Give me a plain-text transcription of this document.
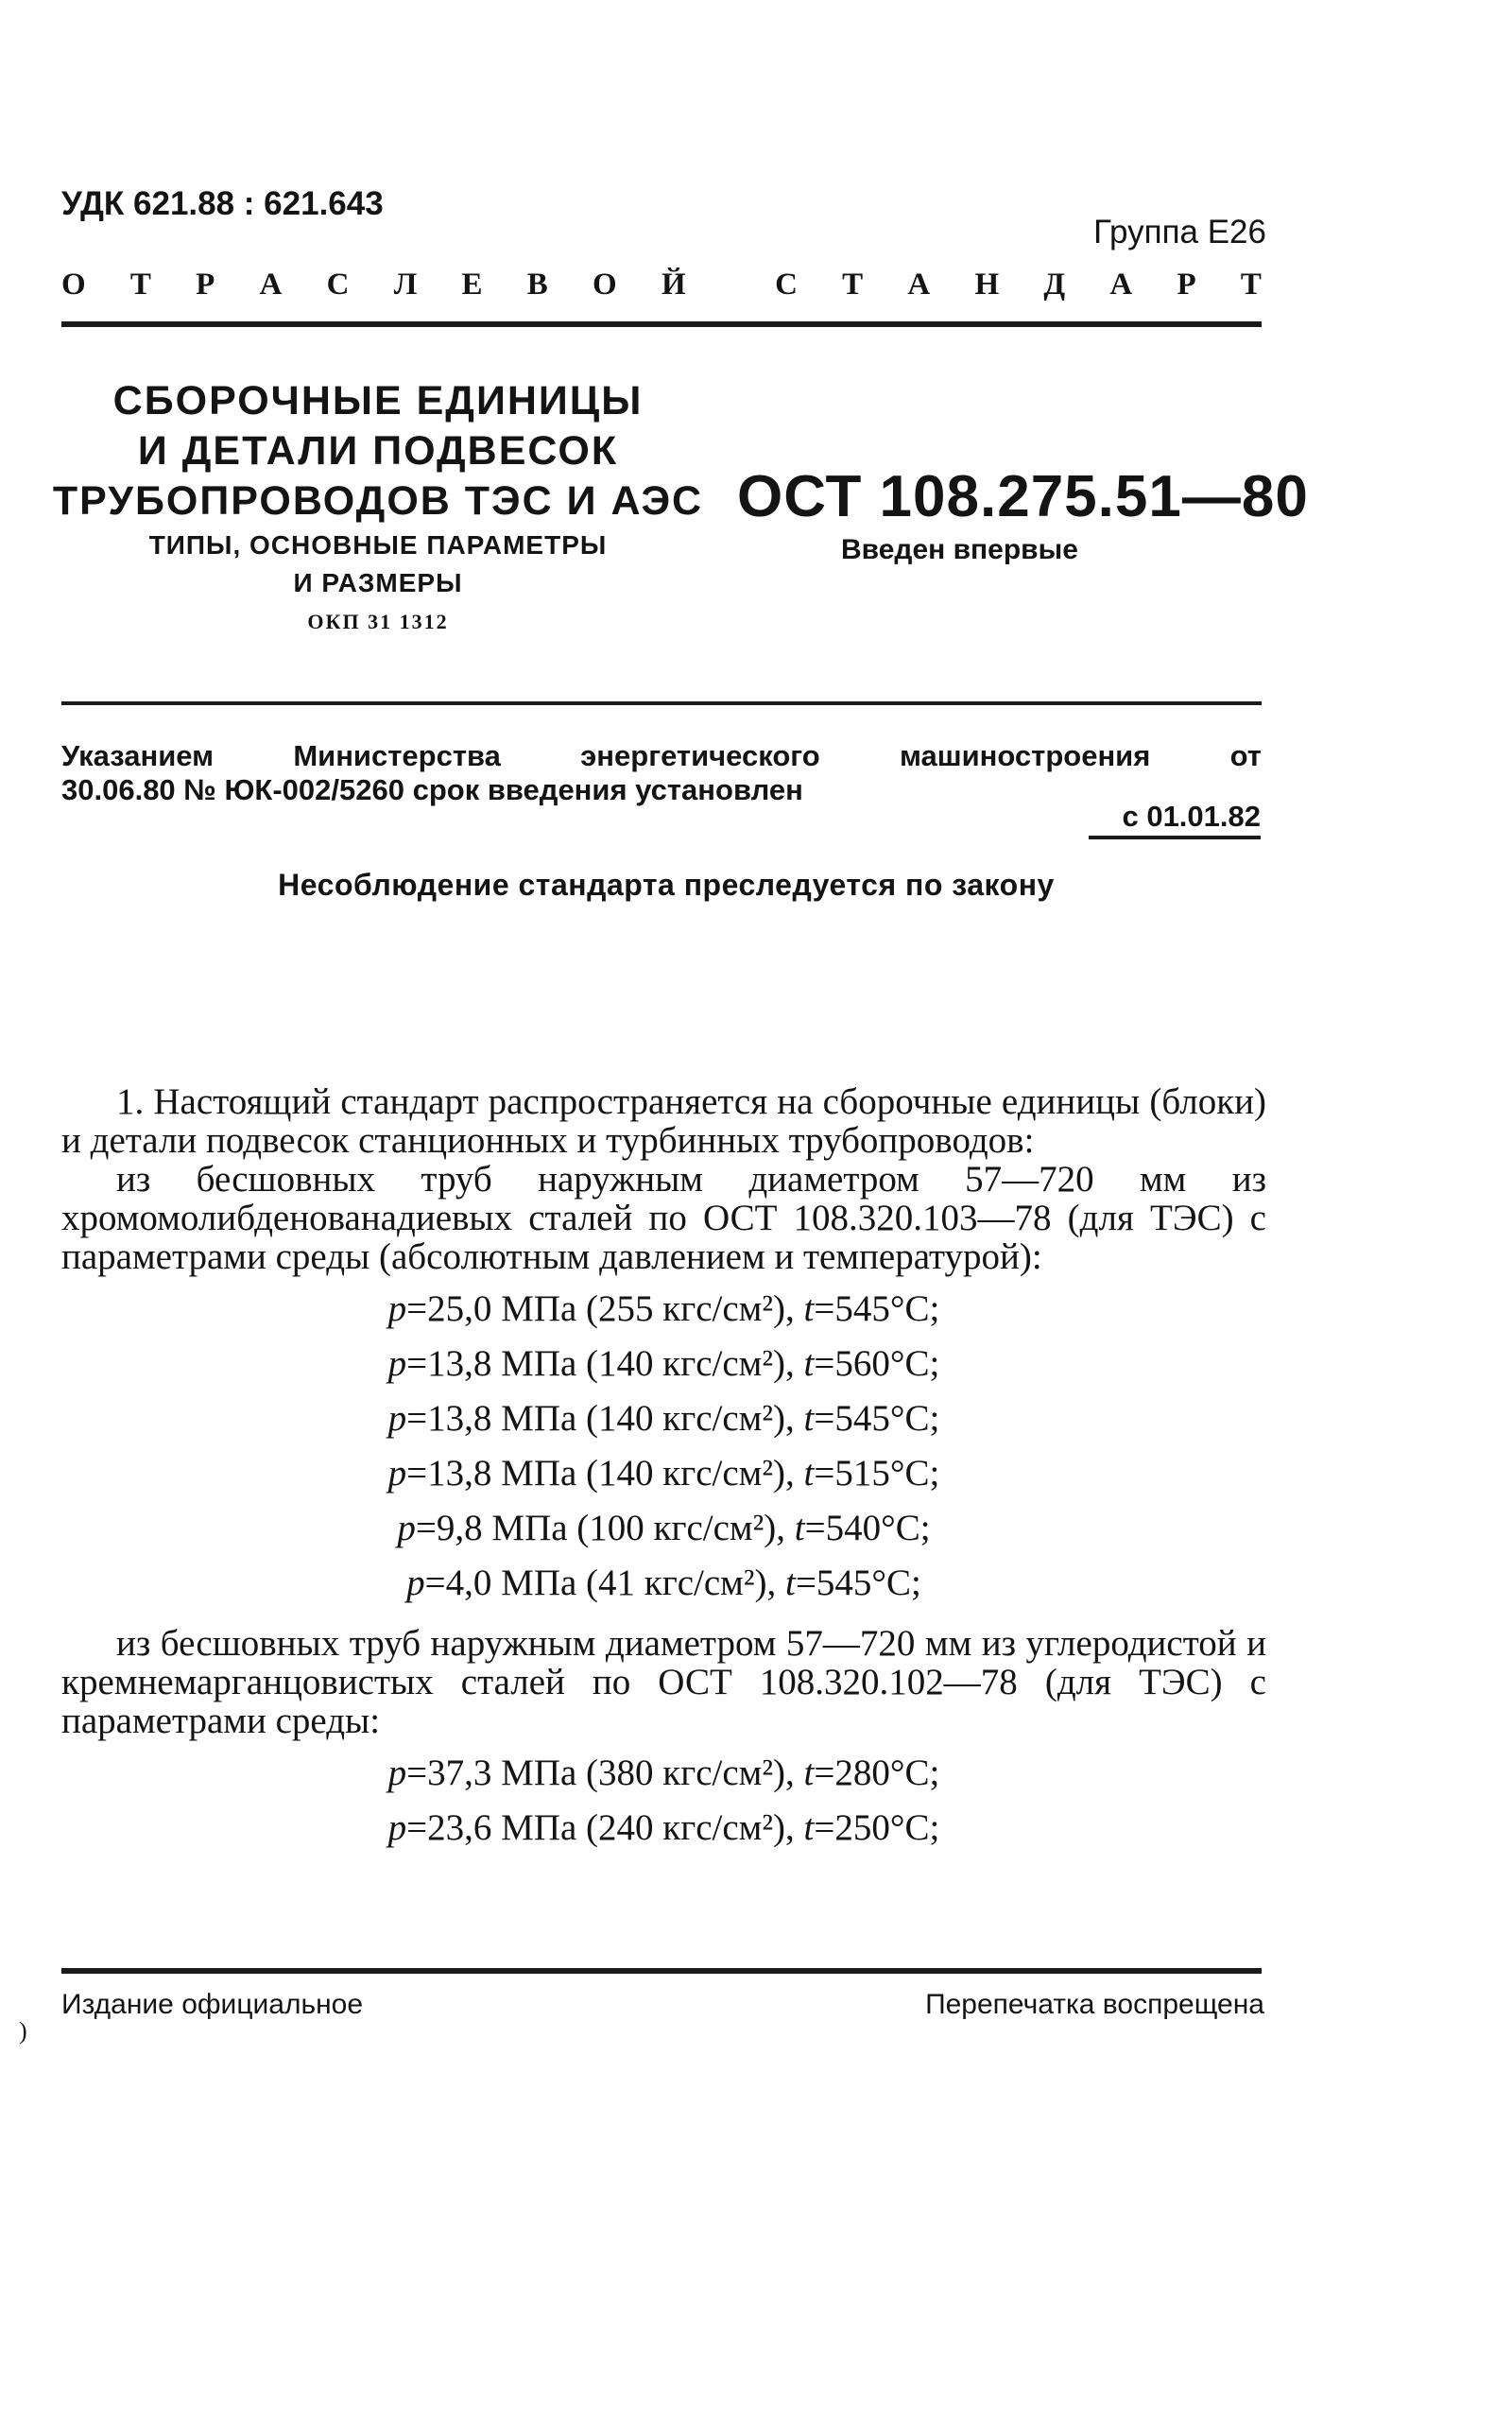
УДК 621.88 : 621.643
Группа Е26
О Т Р А С Л Е В О Й	С Т А Н Д А Р Т
СБОРОЧНЫЕ ЕДИНИЦЫ
И ДЕТАЛИ ПОДВЕСОК
ТРУБОПРОВОДОВ ТЭС И АЭС
ТИПЫ, ОСНОВНЫЕ ПАРАМЕТРЫ
И РАЗМЕРЫ
ОКП 31 1312
ОСТ 108.275.51—80
Введен впервые
Указанием	Министерства	энергетического	машиностроения	от
30.06.80 № ЮК-002/5260 срок введения установлен
с 01.01.82
Несоблюдение стандарта преследуется по закону

1. Настоящий стандарт распространяется на сборочные единицы (блоки) и детали подвесок станционных и турбинных трубопроводов:

из бесшовных труб наружным диаметром 57—720 мм из хромомолибденованадиевых сталей по ОСТ 108.320.103—78 (для ТЭС) с параметрами среды (абсолютным давлением и температурой):

p=25,0 МПа (255 кгс/см²), t=545°C;
p=13,8 МПа (140 кгс/см²), t=560°C;
p=13,8 МПа (140 кгс/см²), t=545°C;
p=13,8 МПа (140 кгс/см²), t=515°C;
p=9,8 МПа (100 кгс/см²), t=540°C;
p=4,0 МПа (41 кгс/см²), t=545°C;

из бесшовных труб наружным диаметром 57—720 мм из углеродистой и кремнемарганцовистых сталей по ОСТ 108.320.102—78 (для ТЭС) с параметрами среды:

p=37,3 МПа (380 кгс/см²), t=280°C;
p=23,6 МПа (240 кгс/см²), t=250°C;
Издание официальное	Перепечатка воспрещена
)
